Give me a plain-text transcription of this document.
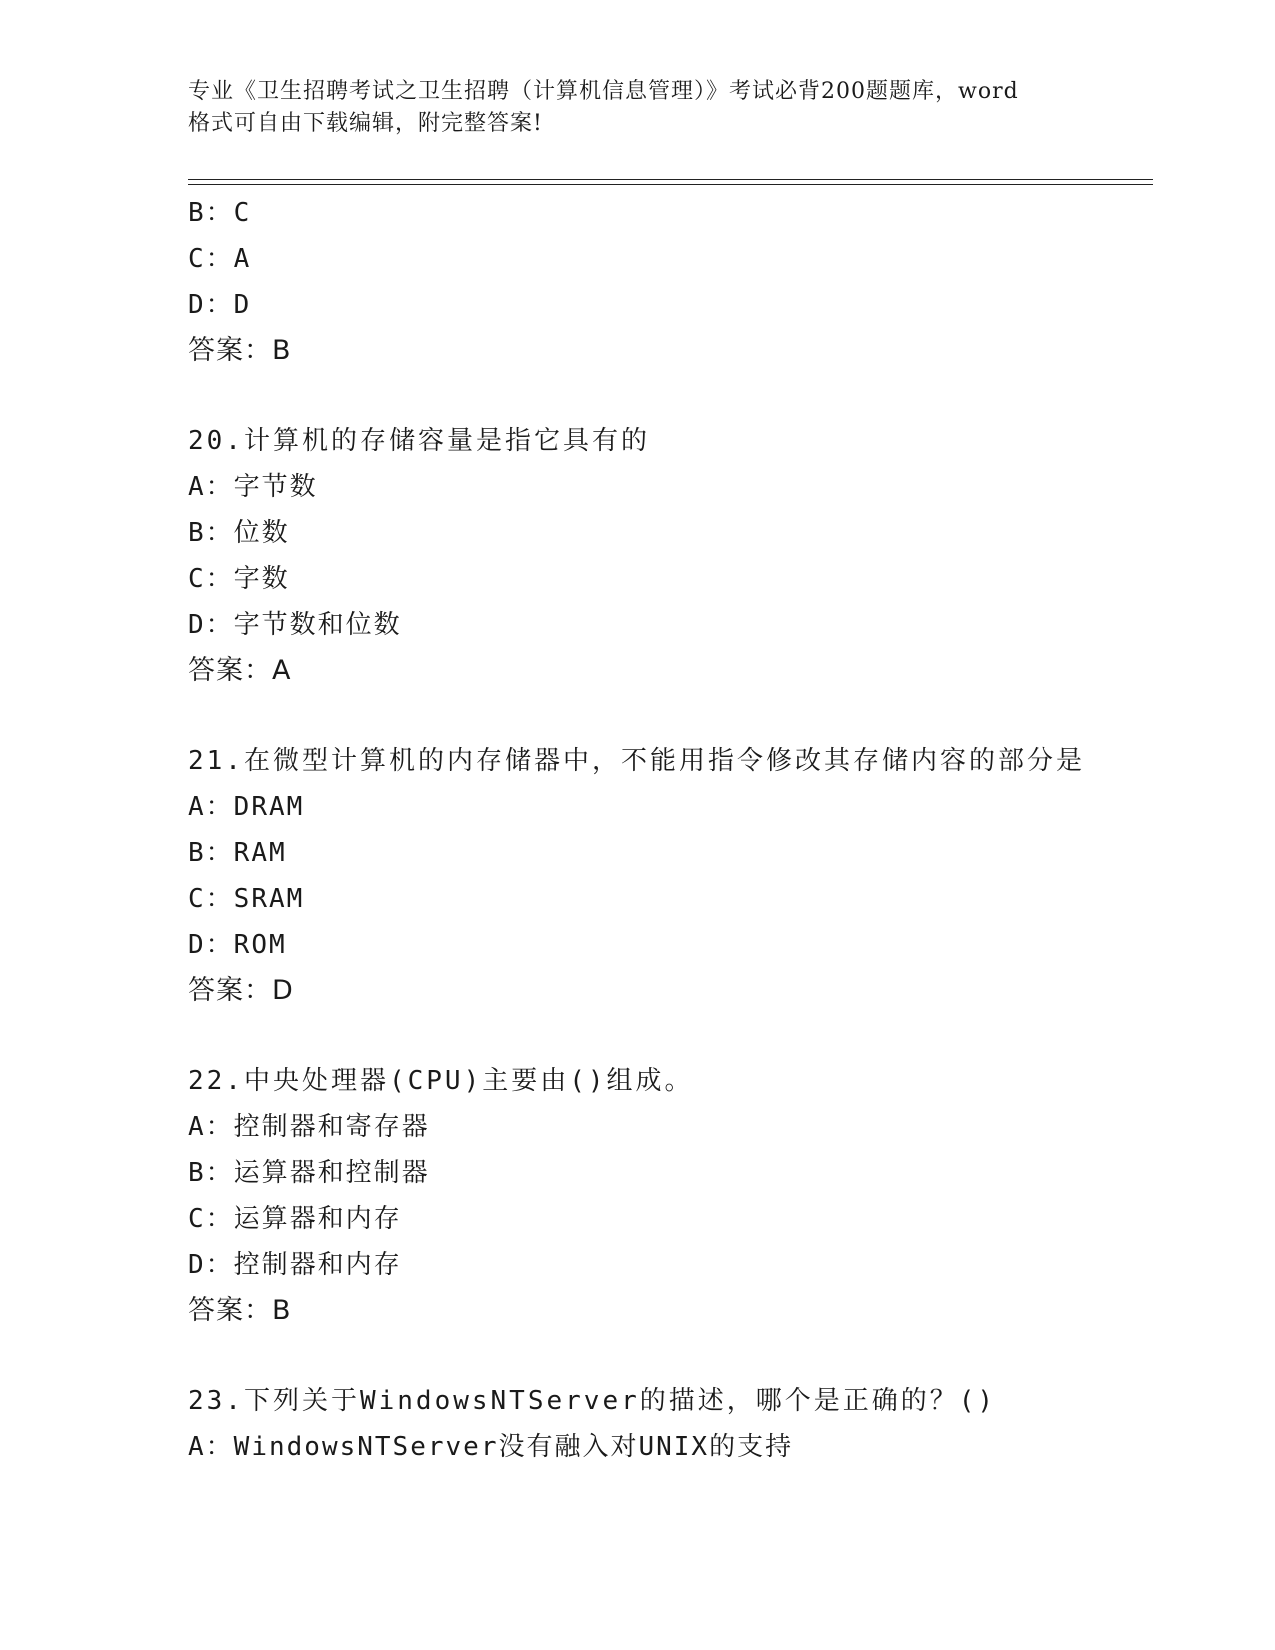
专业《卫生招聘考试之卫生招聘（计算机信息管理）》考试必背200题题库，word
格式可自由下载编辑，附完整答案!
B：C
C：A
D：D
答案：B
20.计算机的存储容量是指它具有的
A：字节数
B：位数
C：字数
D：字节数和位数
答案：A
21.在微型计算机的内存储器中，不能用指令修改其存储内容的部分是
A：DRAM
B：RAM
C：SRAM
D：ROM
答案：D
22.中央处理器(CPU)主要由()组成。
A：控制器和寄存器
B：运算器和控制器
C：运算器和内存
D：控制器和内存
答案：B
23.下列关于WindowsNTServer的描述，哪个是正确的？()
A：WindowsNTServer没有融入对UNIX的支持
